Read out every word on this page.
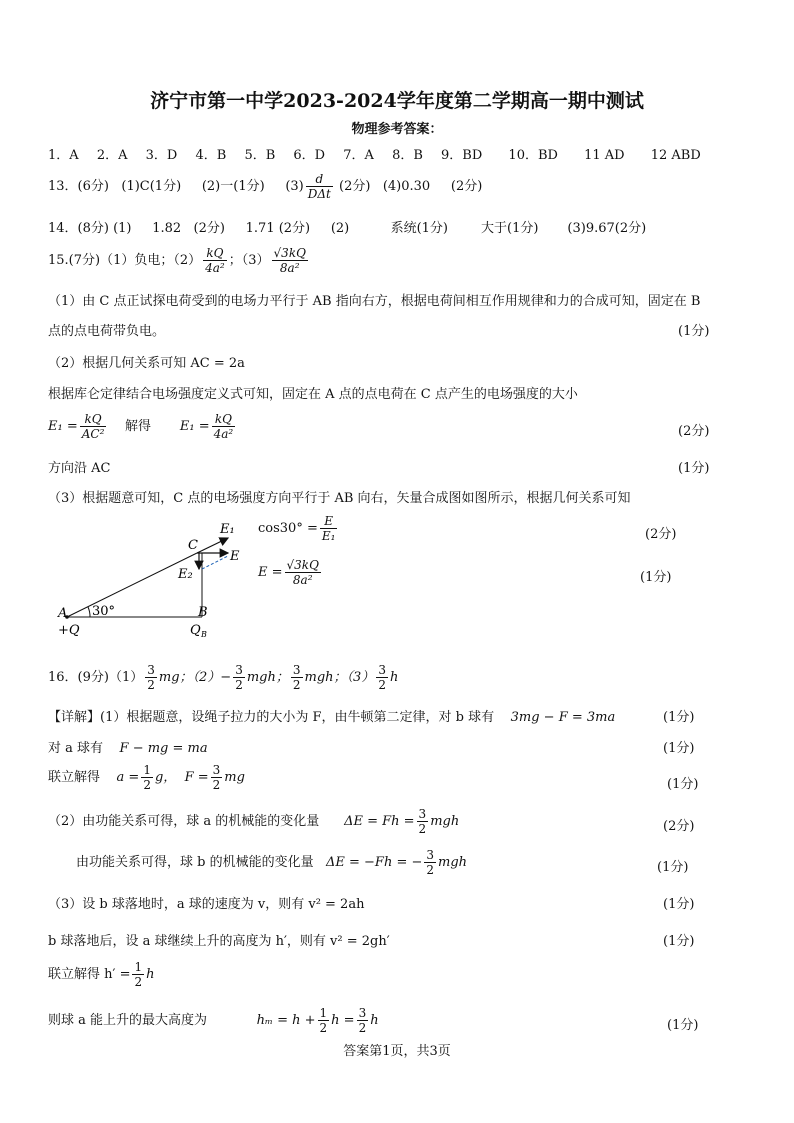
济宁市第一中学2023-2024学年度第二学期高一期中测试
物理参考答案：
1．A 2．A 3．D 4．B 5．B 6．D 7．A 8．B 9．BD 10．BD 11 AD 12 ABD
13．(6分) (1)C(1分) (2)一(1分) $(3) \frac{d}{\text{DΔt}} (2$分) (4)0.30 (2分)
14．(8分) (1) 1.82 (2分) 1.71 (2分) (2)	系统(1分)	大于(1分) (3)9.67(2分)
15.(7分)（1）负电；$(2) \frac{kQ}{\text{4a²}}$ ；$(3) \frac{√3kQ}{\text{8a²}}$
（1）由 C 点正试探电荷受到的电场力平行于 AB 指向右方，根据电荷间相互作用规律和力的合成可知，固定在 B
点的点电荷带负电。	(1分)
（2）根据几何关系可知 AC = 2a
根据库仑定律结合电场强度定义式可知，固定在 A 点的点电荷在 C 点产生的电场强度的大小
$E_1 = \frac{kQ}{\text{AC²}}$ 解得 $E_1 = \frac{kQ}{\text{4a²}}$	(2分)
方向沿 AC	(1分)
（3）根据题意可知，C 点的电场强度方向平行于 AB 向右，矢量合成图如图所示，根据几何关系可知
A
+Q
30°
C
E₁
E
E₂
B
Q B
$\cos 30^\circ = \frac{E}{\text{E₁}}$	(2分)
$E = \frac{√3kQ}{\text{8a²}}$	(1分)
16．(9分)$(1) \frac{3}{2}$ mg；$(2)- \frac{3}{2}$ mgh； $\frac{3}{2}$ mgh；$(3) \frac{3}{2}$ h
【详解】(1）根据题意，设绳子拉力的大小为 F，由牛顿第二定律，对 b 球有 3mg − F = 3ma	(1分)
对 a 球有 F − mg = ma	(1分)
联立解得 $a = \frac{1}{2}$ g， $F = \frac{3}{2}$ mg	(1分)
（2）由功能关系可得，球 a 的机械能的变化量 $\Delta E = Fh = \frac{3}{2}$ mgh	(2分)
由功能关系可得，球 b 的机械能的变化量 ΔE = −Fh = − $\frac{3}{2}$ mgh	(1分)
（3）设 b 球落地时，a 球的速度为 v，则有 v² = 2ah	(1分)
b 球落地后，设 a 球继续上升的高度为 h′，则有 v² = 2gh′	(1分)
联立解得 $h' = \frac{1}{2}$ h
则球 a 能上升的最大高度为	$h_m = h + \frac{1}{2}$ $h = \frac{3}{2}$ h	(1分)
答案第1页，共3页
